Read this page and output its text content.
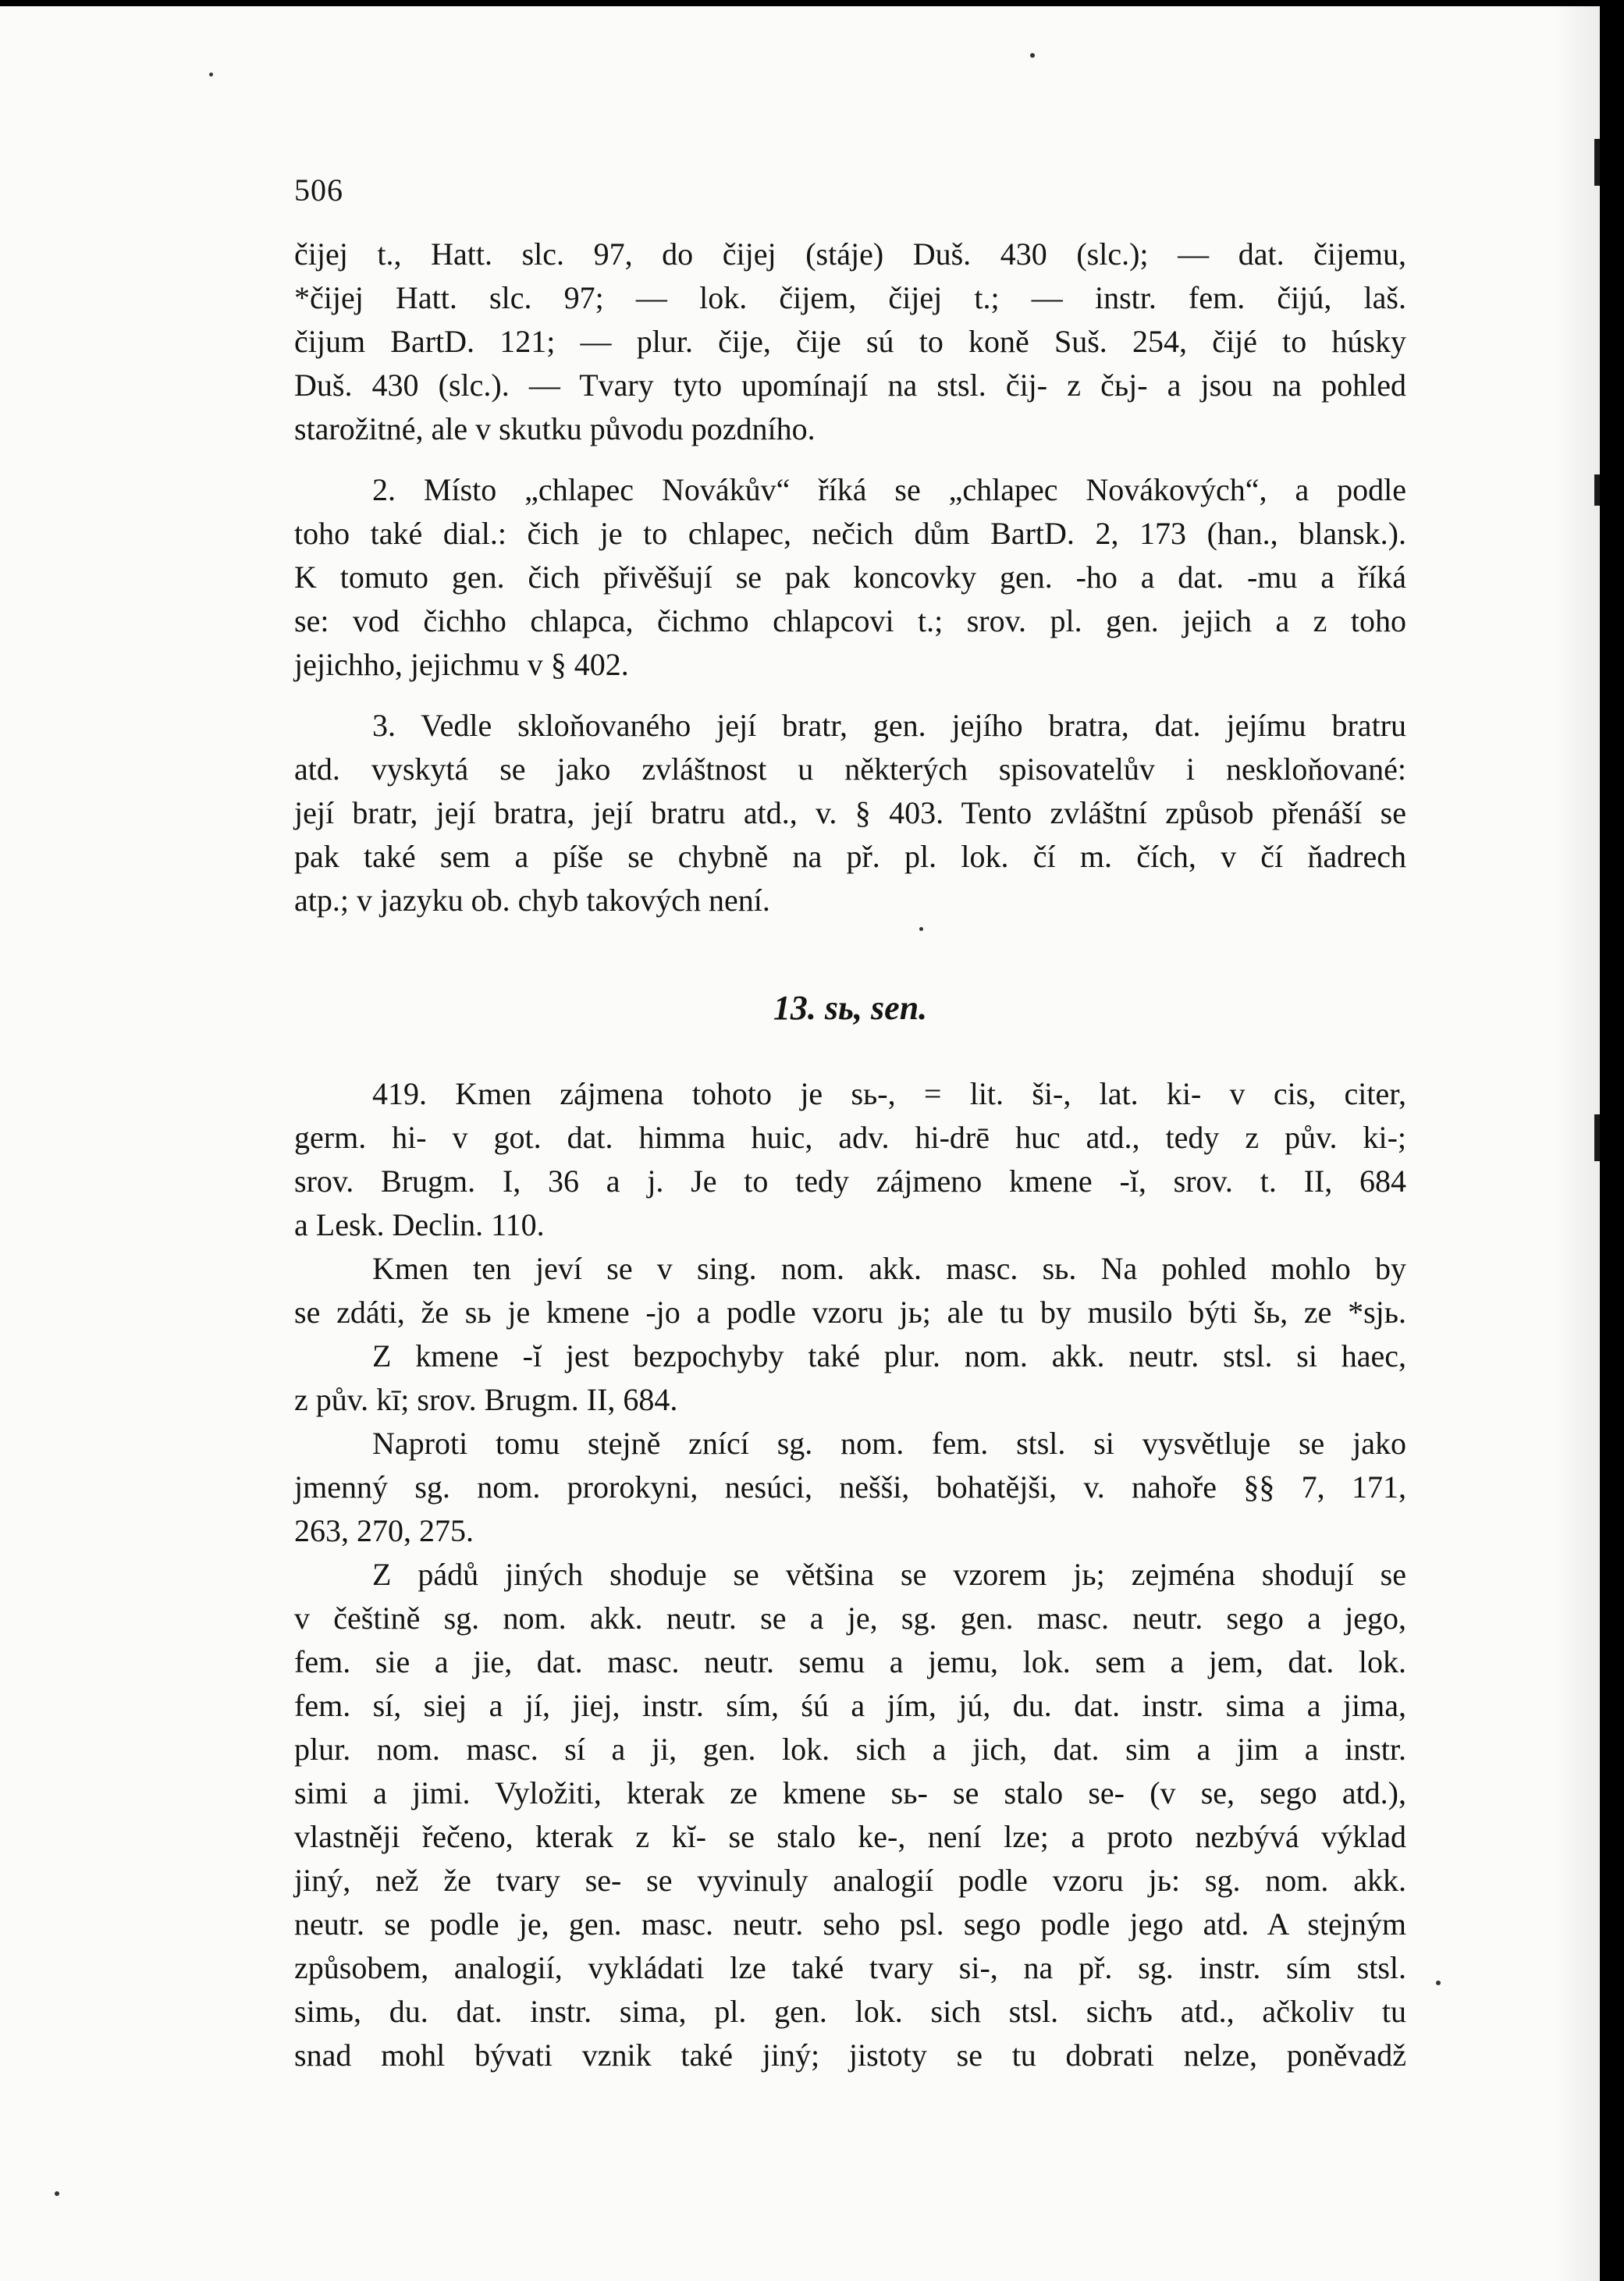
506
čijej t., Hatt. slc. 97, do čijej (stáje) Duš. 430 (slc.); — dat. čijemu,
*čijej Hatt. slc. 97; — lok. čijem, čijej t.; — instr. fem. čijú, laš.
čijum BartD. 121; — plur. čije, čije sú to koně Suš. 254, čijé to húsky
Duš. 430 (slc.). — Tvary tyto upomínají na stsl. čij- z čьj- a jsou na pohled
starožitné, ale v skutku původu pozdního.
2. Místo „chlapec Novákův“ říká se „chlapec Novákových“, a podle
toho také dial.: čich je to chlapec, nečich dům BartD. 2, 173 (han., blansk.).
K tomuto gen. čich přivěšují se pak koncovky gen. -ho a dat. -mu a říká
se: vod čichho chlapca, čichmo chlapcovi t.; srov. pl. gen. jejich a z toho
jejichho, jejichmu v § 402.
3. Vedle skloňovaného její bratr, gen. jejího bratra, dat. jejímu bratru
atd. vyskytá se jako zvláštnost u některých spisovatelův i neskloňované:
její bratr, její bratra, její bratru atd., v. § 403. Tento zvláštní způsob přenáší se
pak také sem a píše se chybně na př. pl. lok. čí m. čích, v čí ňadrech
atp.; v jazyku ob. chyb takových není.
13. sь, sen.
419. Kmen zájmena tohoto je sь-, = lit. ši-, lat. ki- v cis, citer,
germ. hi- v got. dat. himma huic, adv. hi-drē huc atd., tedy z pův. ki-;
srov. Brugm. I, 36 a j. Je to tedy zájmeno kmene -ĭ, srov. t. II, 684
a Lesk. Declin. 110.
Kmen ten jeví se v sing. nom. akk. masc. sь. Na pohled mohlo by
se zdáti, že sь je kmene -jo a podle vzoru jь; ale tu by musilo býti šь, ze *sjь.
Z kmene -ĭ jest bezpochyby také plur. nom. akk. neutr. stsl. si haec,
z pův. kī; srov. Brugm. II, 684.
Naproti tomu stejně znící sg. nom. fem. stsl. si vysvětluje se jako
jmenný sg. nom. prorokyni, nesúci, nešši, bohatějši, v. nahoře §§ 7, 171,
263, 270, 275.
Z pádů jiných shoduje se většina se vzorem jь; zejména shodují se
v češtině sg. nom. akk. neutr. se a je, sg. gen. masc. neutr. sego a jego,
fem. sie a jie, dat. masc. neutr. semu a jemu, lok. sem a jem, dat. lok.
fem. sí, siej a jí, jiej, instr. sím, śú a jím, jú, du. dat. instr. sima a jima,
plur. nom. masc. sí a ji, gen. lok. sich a jich, dat. sim a jim a instr.
simi a jimi. Vyložiti, kterak ze kmene sь- se stalo se- (v se, sego atd.),
vlastněji řečeno, kterak z kĭ- se stalo ke-, není lze; a proto nezbývá výklad
jiný, než že tvary se- se vyvinuly analogií podle vzoru jь: sg. nom. akk.
neutr. se podle je, gen. masc. neutr. seho psl. sego podle jego atd. A stejným
způsobem, analogií, vykládati lze také tvary si-, na př. sg. instr. sím stsl.
simь, du. dat. instr. sima, pl. gen. lok. sich stsl. sichъ atd., ačkoliv tu
snad mohl bývati vznik také jiný; jistoty se tu dobrati nelze, poněvadž
